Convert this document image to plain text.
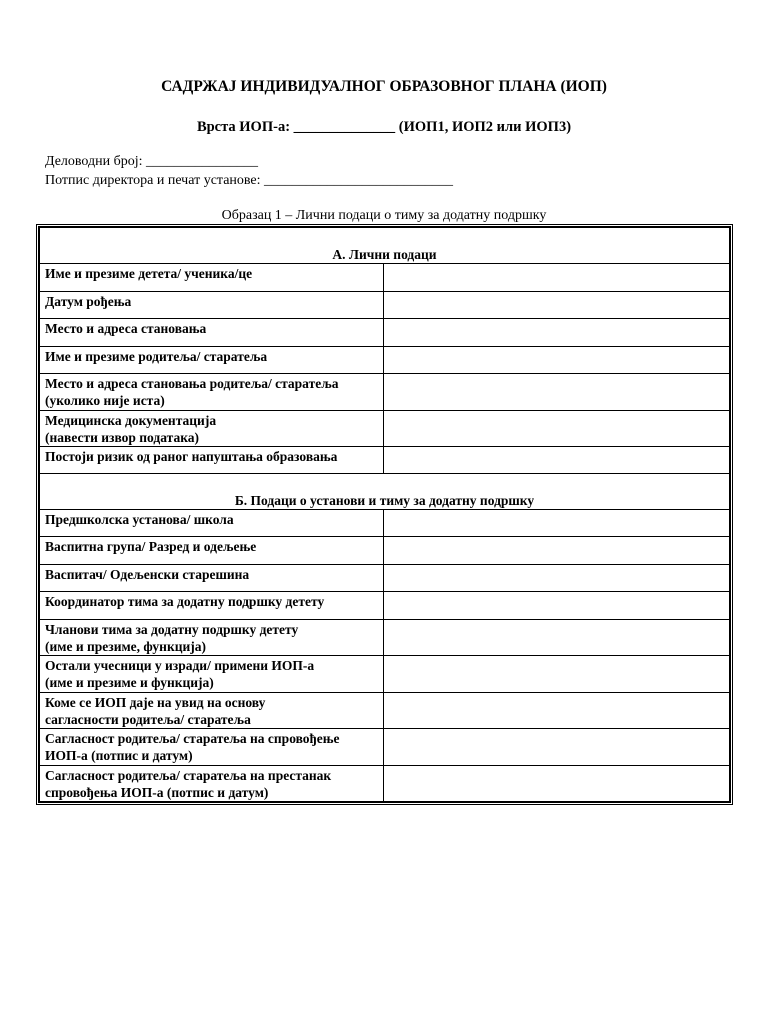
САДРЖАЈ ИНДИВИДУАЛНОГ ОБРАЗОВНОГ ПЛАНА (ИОП)
Врста ИОП-а: ______________ (ИОП1, ИОП2 или ИОП3)
Деловодни број: ________________
Потпис директора и печат установе: ___________________________
Образац 1 – Лични подаци о тиму за додатну подршку
А. Лични подаци	
Име и презиме детета/ ученика/це	
Датум рођења	
Место и адреса становања	
Име и презиме родитеља/ старатеља	
Место и адреса становања родитеља/ старатеља
(уколико није иста)	
Медицинска документација
(навести извор података)	
Постоји ризик од раног напуштања образовања	
Б. Подаци о установи и тиму за додатну подршку	
Предшколска установа/ школа	
Васпитна група/ Разред и одељење	
Васпитач/ Одељенски старешина	
Координатор тима за додатну подршку детету	
Чланови тима за додатну подршку детету
(име и презиме, функција)	
Остали учесници у изради/ примени ИОП-а
(име и презиме и функција)	
Коме се ИОП даје на увид на основу
сагласности родитеља/ старатеља	
Сагласност родитеља/ старатеља на спровођење
ИОП-а (потпис и датум)	
Сагласност родитеља/ старатеља на престанак
спровођења ИОП-а (потпис и датум)	
